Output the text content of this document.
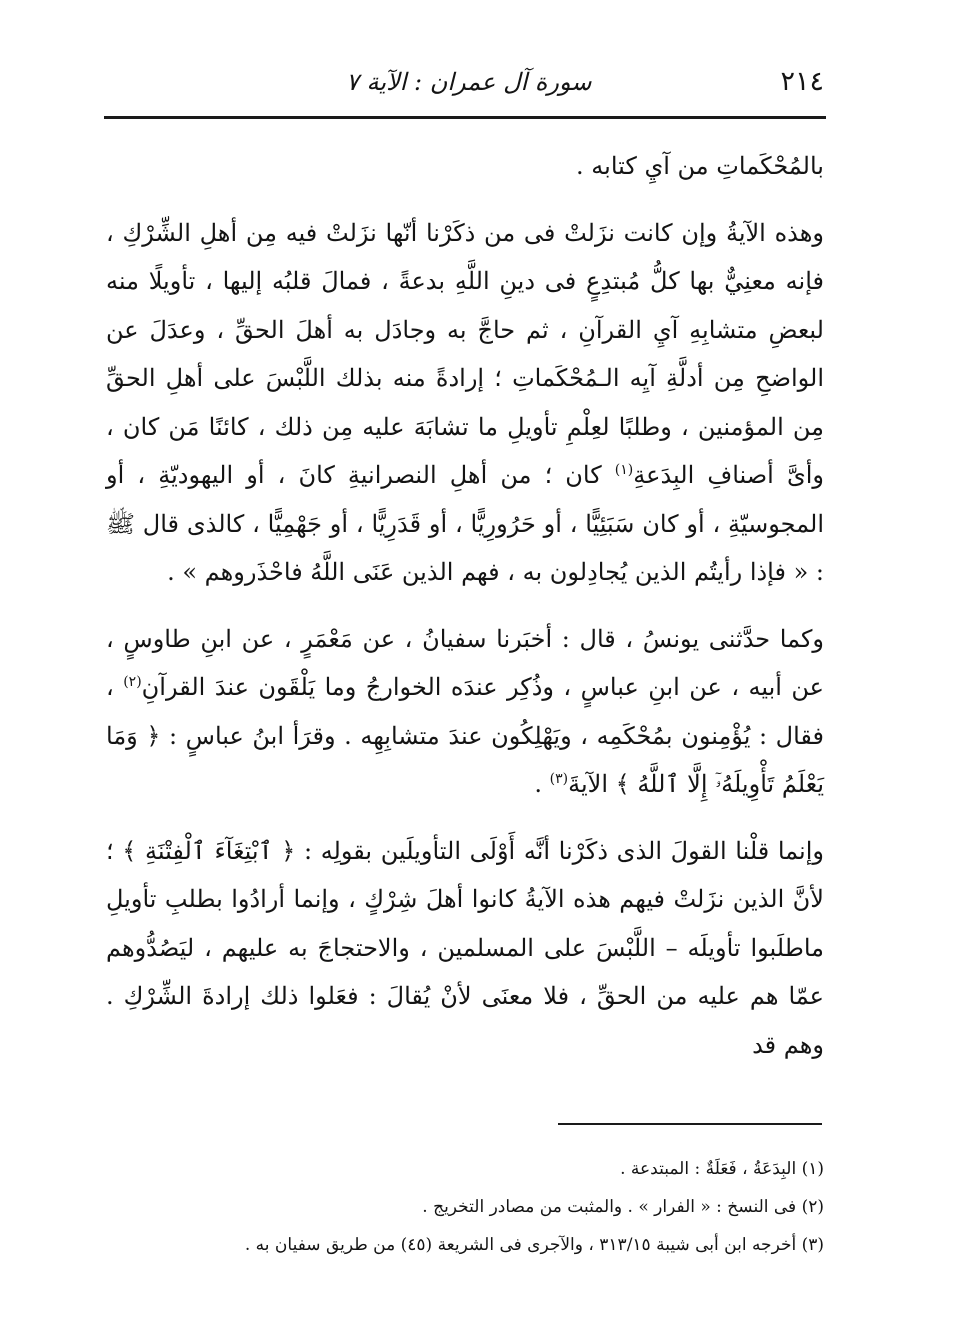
٢١٤
سورة آل عمران : الآية ٧

بالمُحْكَماتِ من آيِ كتابه .

وهذه الآيةُ وإن كانت نزَلتْ فى من ذكَرْنا أنّها نزَلتْ فيه مِن أهلِ الشِّرْكِ ، فإنه معنِيٌّ بها كلُّ مُبتدِعٍ فى دينِ اللَّهِ بدعةً ، فمالَ قلبُه إليها ، تأويلًا منه لبعضِ متشابِهِ آيِ القرآنِ ، ثم حاجَّ به وجادَل به أهلَ الحقِّ ، وعدَلَ عن الواضحِ مِن أدلَّةِ آيِه الـمُحْكَماتِ ؛ إرادةً منه بذلك اللَّبْسَ على أهلِ الحقِّ مِن المؤمنين ، وطلبًا لعِلْمِ تأويلِ ما تشابَهَ عليه مِن ذلك ، كائنًا مَن كان ، وأىَّ أصنافِ البِدَعةِ$^{(١)}$ كان ؛ من أهلِ النصرانيةِ كانَ ، أو اليهوديّةِ ، أو المجوسيّةِ ، أو كان سَبَئِيًّا ، أو حَرُورِيًّا ، أو قَدَرِيًّا ، أو جَهْمِيًّا ، كالذى قال ﷺ : « فإذا رأيتُم الذين يُجادِلون به ، فهم الذين عَنَى اللَّهُ فاحْذَروهم » .

وكما حدَّثنى يونسُ ، قال : أخبَرنا سفيانُ ، عن مَعْمَرٍ ، عن ابنِ طاوسٍ ، عن أبيه ، عن ابنِ عباسٍ ، وذُكِر عندَه الخوارجُ وما يَلْقَون عندَ القرآنِ$^{(٢)}$ ، فقال : يُؤْمِنون بمُحْكَمِه ، ويَهْلِكُون عندَ متشابِهِه . وقرَأ ابنُ عباسٍ : ﴿ وَمَا يَعْلَمُ تَأْوِيلَهُۥٓ إِلَّا ٱللَّهُ ﴾ الآيةَ$^{(٣)}$ .

وإنما قلْنا القولَ الذى ذكَرْنا أنَّه أَوْلَى التأويلَين بقولِه : ﴿ ٱبْتِغَآءَ ٱلْفِتْنَةِ ﴾ ؛ لأنَّ الذين نزَلتْ فيهم هذه الآيةُ كانوا أهلَ شِرْكٍ ، وإنما أرادُوا بطلبِ تأويلِ ماطلَبوا تأويلَه – اللَّبْسَ على المسلمين ، والاحتجاجَ به عليهم ، ليَصُدُّوهم عمّا هم عليه من الحقِّ ، فلا معنَى لأنْ يُقالَ : فعَلوا ذلك إرادةَ الشِّرْكِ . وهم قد

(١) البِدَعَةُ ، فَعَلَةٌ : المبتدعة .

(٢) فى النسخ : « الفرار » . والمثبت من مصادر التخريج .

(٣) أخرجه ابن أبى شيبة ٣١٣/١٥ ، والآجرى فى الشريعة (٤٥) من طريق سفيان به .
